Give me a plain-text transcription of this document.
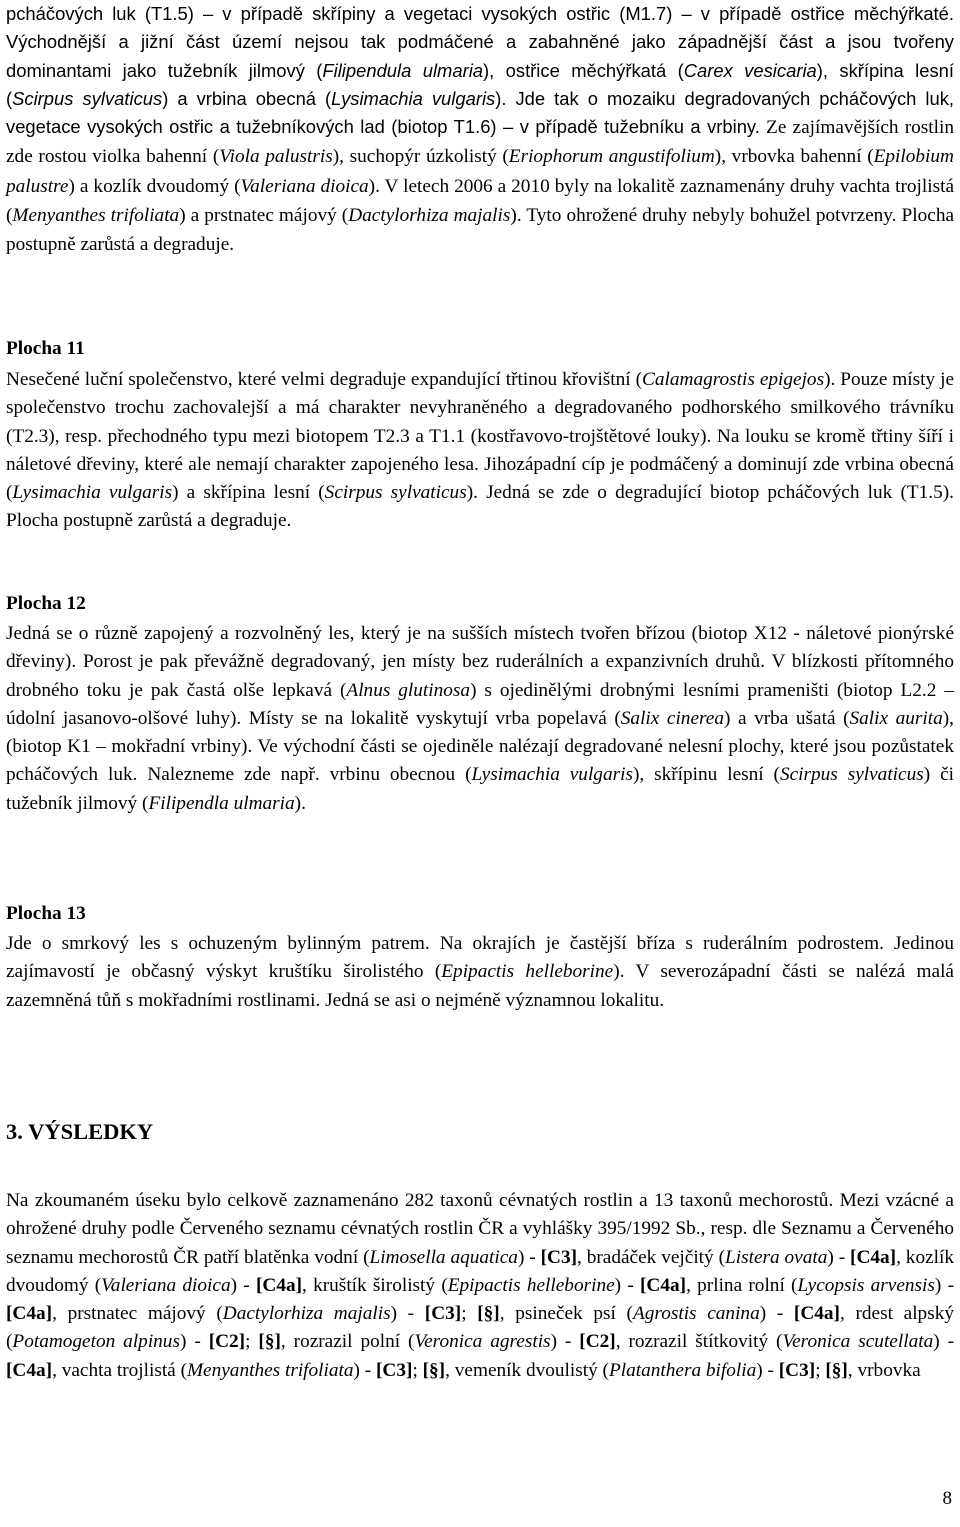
pcháčových luk (T1.5) – v případě skřípiny a vegetaci vysokých ostřic (M1.7) – v případě ostřice měchýřkaté. Východnější a jižní část území nejsou tak podmáčené a zabahněné jako západnější část a jsou tvořeny dominantami jako tužebník jilmový (Filipendula ulmaria), ostřice měchýřkatá (Carex vesicaria), skřípina lesní (Scirpus sylvaticus) a vrbina obecná (Lysimachia vulgaris). Jde tak o mozaiku degradovaných pcháčových luk, vegetace vysokých ostřic a tužebníkových lad (biotop T1.6) – v případě tužebníku a vrbiny. Ze zajímavějších rostlin zde rostou violka bahenní (Viola palustris), suchopýr úzkolistý (Eriophorum angustifolium), vrbovka bahenní (Epilobium palustre) a kozlík dvoudomý (Valeriana dioica). V letech 2006 a 2010 byly na lokalitě zaznamenány druhy vachta trojlistá (Menyanthes trifoliata) a prstnatec májový (Dactylorhiza majalis). Tyto ohrožené druhy nebyly bohužel potvrzeny. Plocha postupně zarůstá a degraduje.

Plocha 11

Nesečené luční společenstvo, které velmi degraduje expandující třtinou křovištní (Calamagrostis epigejos). Pouze místy je společenstvo trochu zachovalejší a má charakter nevyhraněného a degradovaného podhorského smilkového trávníku (T2.3), resp. přechodného typu mezi biotopem T2.3 a T1.1 (kostřavovo-trojštětové louky). Na louku se kromě třtiny šíří i náletové dřeviny, které ale nemají charakter zapojeného lesa. Jihozápadní cíp je podmáčený a dominují zde vrbina obecná (Lysimachia vulgaris) a skřípina lesní (Scirpus sylvaticus). Jedná se zde o degradující biotop pcháčových luk (T1.5). Plocha postupně zarůstá a degraduje.

Plocha 12

Jedná se o různě zapojený a rozvolněný les, který je na sušších místech tvořen břízou (biotop X12 - náletové pionýrské dřeviny). Porost je pak převážně degradovaný, jen místy bez ruderálních a expanzivních druhů. V blízkosti přítomného drobného toku je pak častá olše lepkavá (Alnus glutinosa) s ojedinělými drobnými lesními prameništi (biotop L2.2 – údolní jasanovo-olšové luhy). Místy se na lokalitě vyskytují vrba popelavá (Salix cinerea) a vrba ušatá (Salix aurita), (biotop K1 – mokřadní vrbiny). Ve východní části se ojediněle nalézají degradované nelesní plochy, které jsou pozůstatek pcháčových luk. Nalezneme zde např. vrbinu obecnou (Lysimachia vulgaris), skřípinu lesní (Scirpus sylvaticus) či tužebník jilmový (Filipendla ulmaria).

Plocha 13

Jde o smrkový les s ochuzeným bylinným patrem. Na okrajích je častější bříza s ruderálním podrostem. Jedinou zajímavostí je občasný výskyt kruštíku širolistého (Epipactis helleborine). V severozápadní části se nalézá malá zazemněná tůň s mokřadními rostlinami. Jedná se asi o nejméně významnou lokalitu.

3. VÝSLEDKY

Na zkoumaném úseku bylo celkově zaznamenáno 282 taxonů cévnatých rostlin a 13 taxonů mechorostů. Mezi vzácné a ohrožené druhy podle Červeného seznamu cévnatých rostlin ČR a vyhlášky 395/1992 Sb., resp. dle Seznamu a Červeného seznamu mechorostů ČR patří blatěnka vodní (Limosella aquatica) - [C3], bradáček vejčitý (Listera ovata) - [C4a], kozlík dvoudomý (Valeriana dioica) - [C4a], kruštík širolistý (Epipactis helleborine) - [C4a], prlina rolní (Lycopsis arvensis) - [C4a], prstnatec májový (Dactylorhiza majalis) - [C3]; [§], psineček psí (Agrostis canina) - [C4a], rdest alpský (Potamogeton alpinus) - [C2]; [§], rozrazil polní (Veronica agrestis) - [C2], rozrazil štítkovitý (Veronica scutellata) - [C4a], vachta trojlistá (Menyanthes trifoliata) - [C3]; [§], vemeník dvoulistý (Platanthera bifolia) - [C3]; [§], vrbovka

8
